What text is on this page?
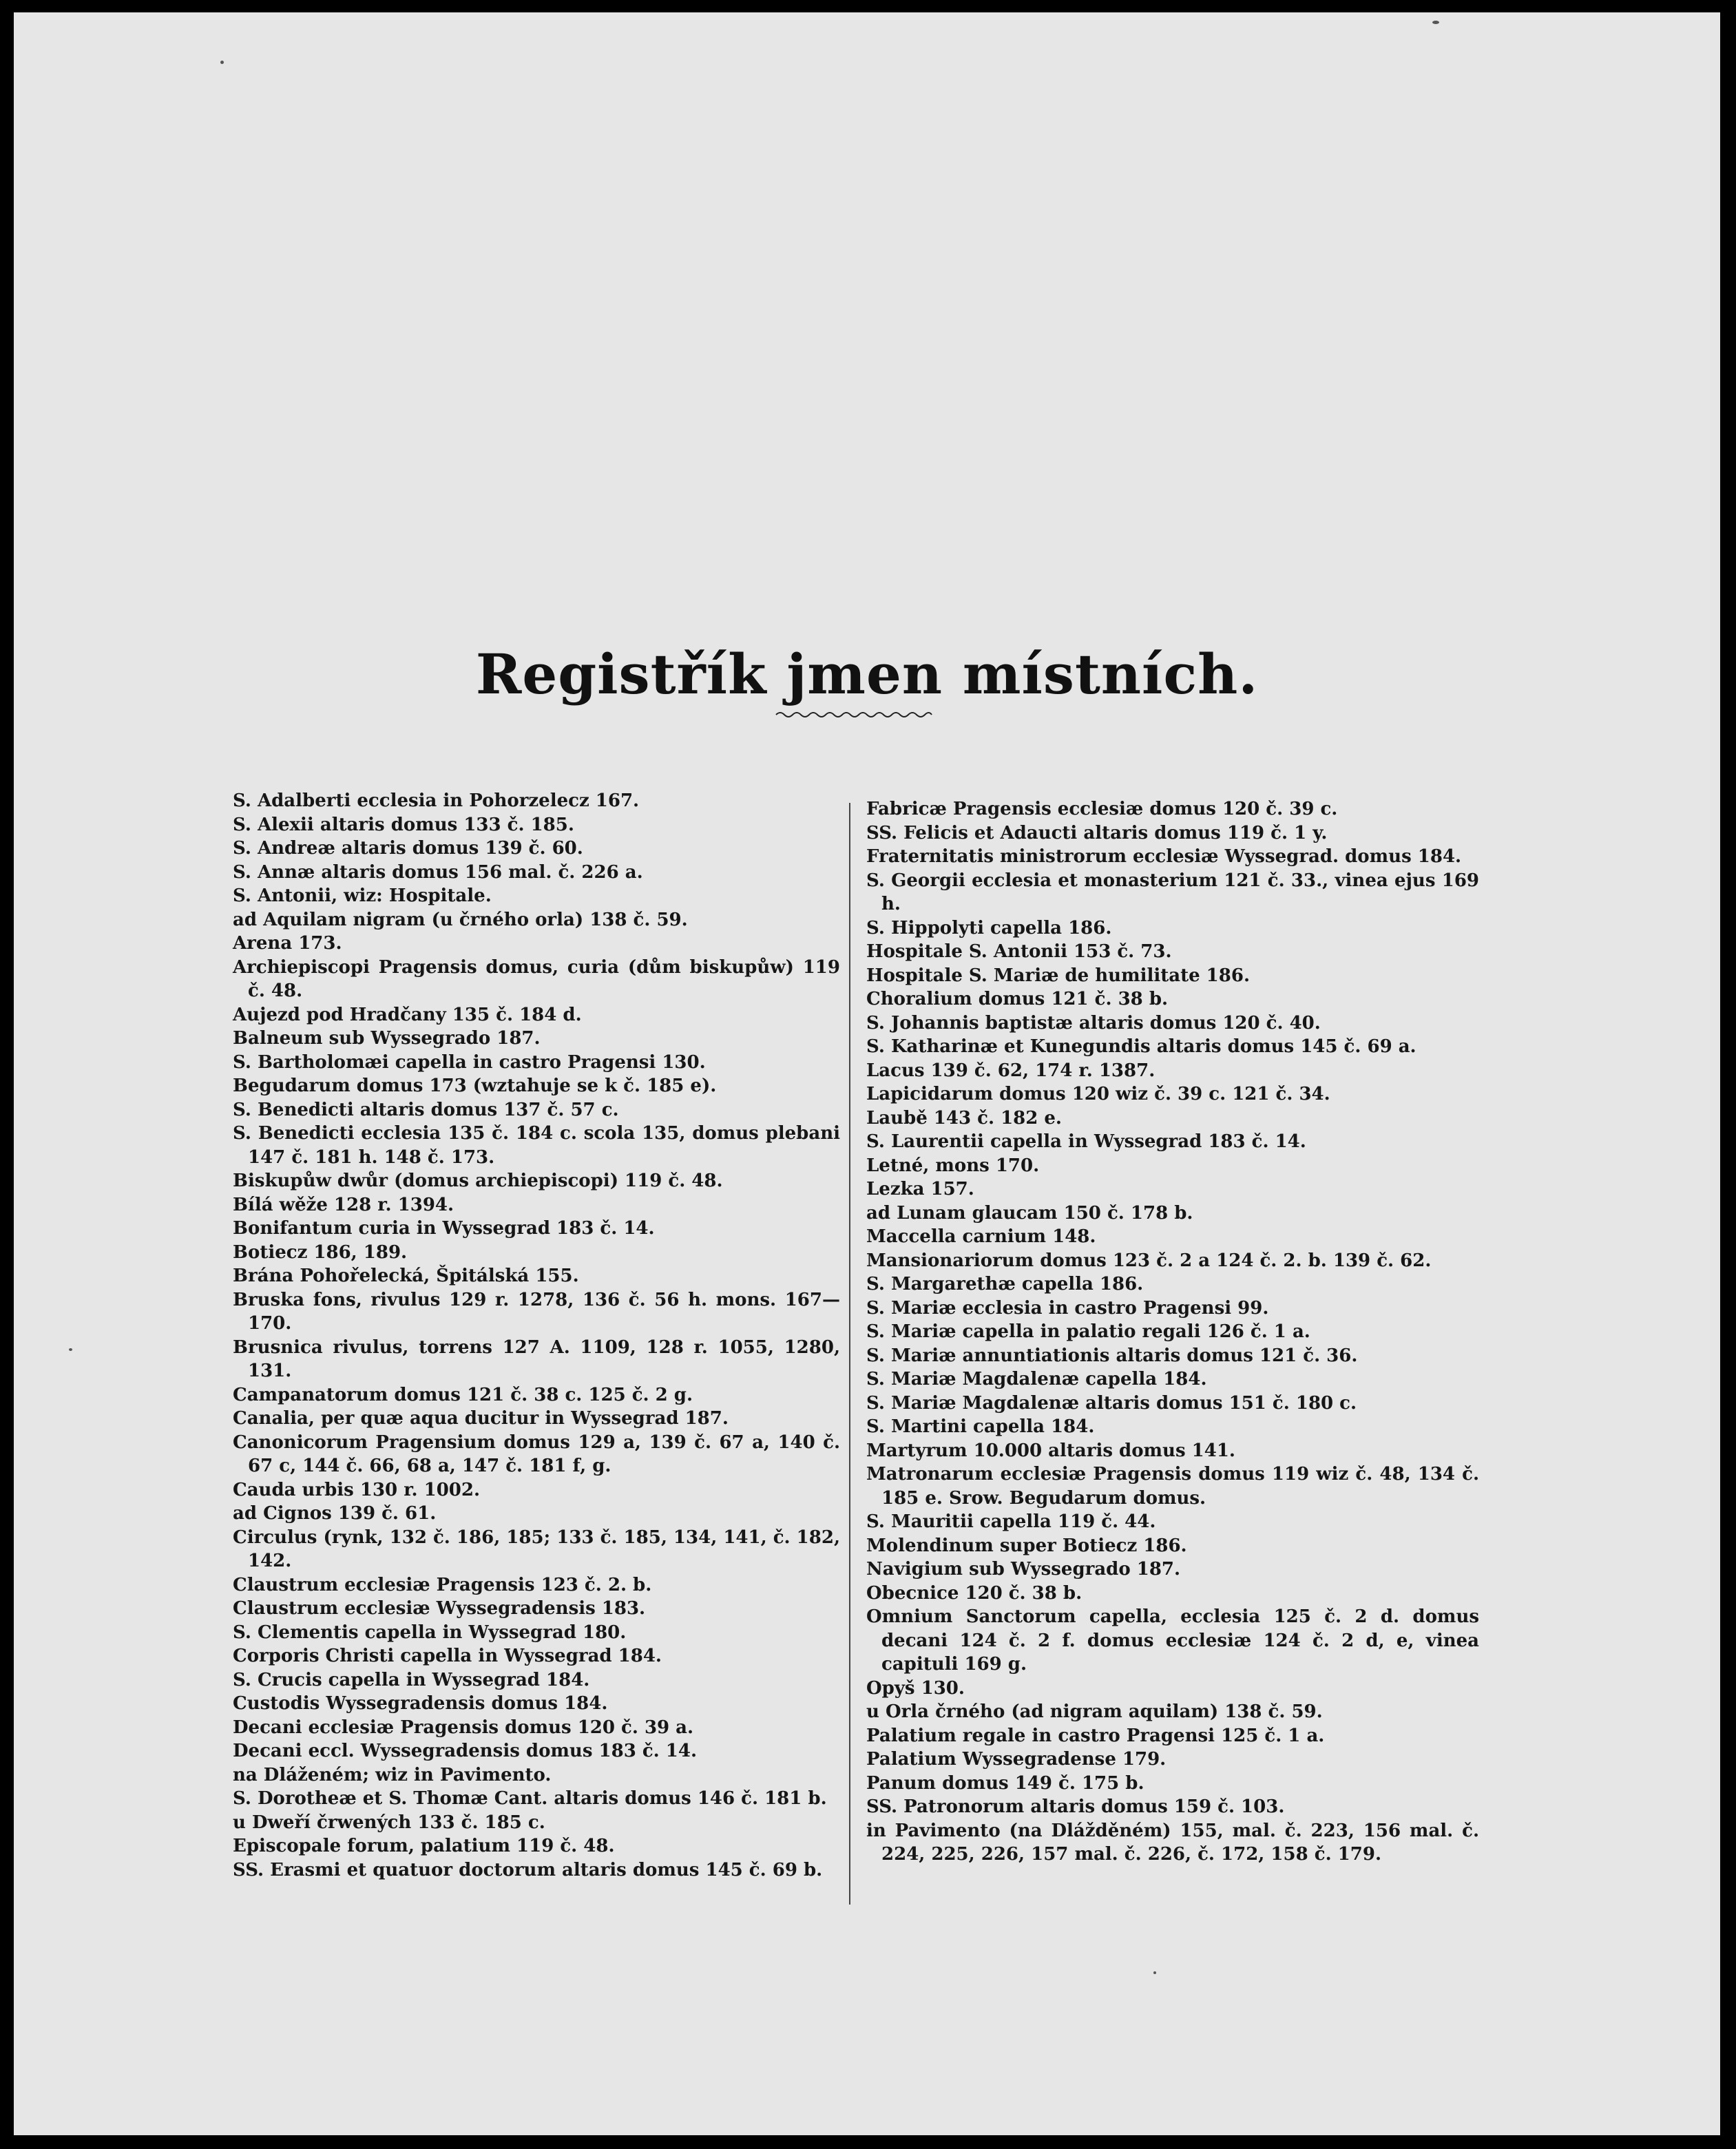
Registřík jmen místních.
S. Adalberti ecclesia in Pohorzelecz 167.
S. Alexii altaris domus 133 č. 185.
S. Andreæ altaris domus 139 č. 60.
S. Annæ altaris domus 156 mal. č. 226 a.
S. Antonii, wiz: Hospitale.
ad Aquilam nigram (u črného orla) 138 č. 59.
Arena 173.
Archiepiscopi Pragensis domus, curia (dům biskupůw) 119 č. 48.
Aujezd pod Hradčany 135 č. 184 d.
Balneum sub Wyssegrado 187.
S. Bartholomæi capella in castro Pragensi 130.
Begudarum domus 173 (wztahuje se k č. 185 e).
S. Benedicti altaris domus 137 č. 57 c.
S. Benedicti ecclesia 135 č. 184 c. scola 135, domus plebani 147 č. 181 h. 148 č. 173.
Biskupůw dwůr (domus archiepiscopi) 119 č. 48.
Bílá wěže 128 r. 1394.
Bonifantum curia in Wyssegrad 183 č. 14.
Botiecz 186, 189.
Brána Pohořelecká, Špitálská 155.
Bruska fons, rivulus 129 r. 1278, 136 č. 56 h. mons. 167—170.
Brusnica rivulus, torrens 127 A. 1109, 128 r. 1055, 1280, 131.
Campanatorum domus 121 č. 38 c. 125 č. 2 g.
Canalia, per quæ aqua ducitur in Wyssegrad 187.
Canonicorum Pragensium domus 129 a, 139 č. 67 a, 140 č. 67 c, 144 č. 66, 68 a, 147 č. 181 f, g.
Cauda urbis 130 r. 1002.
ad Cignos 139 č. 61.
Circulus (rynk, 132 č. 186, 185; 133 č. 185, 134, 141, č. 182, 142.
Claustrum ecclesiæ Pragensis 123 č. 2. b.
Claustrum ecclesiæ Wyssegradensis 183.
S. Clementis capella in Wyssegrad 180.
Corporis Christi capella in Wyssegrad 184.
S. Crucis capella in Wyssegrad 184.
Custodis Wyssegradensis domus 184.
Decani ecclesiæ Pragensis domus 120 č. 39 a.
Decani eccl. Wyssegradensis domus 183 č. 14.
na Dláženém; wiz in Pavimento.
S. Dorotheæ et S. Thomæ Cant. altaris domus 146 č. 181 b.
u Dweří črwených 133 č. 185 c.
Episcopale forum, palatium 119 č. 48.
SS. Erasmi et quatuor doctorum altaris domus 145 č. 69 b.
Fabricæ Pragensis ecclesiæ domus 120 č. 39 c.
SS. Felicis et Adaucti altaris domus 119 č. 1 y.
Fraternitatis ministrorum ecclesiæ Wyssegrad. domus 184.
S. Georgii ecclesia et monasterium 121 č. 33., vinea ejus 169 h.
S. Hippolyti capella 186.
Hospitale S. Antonii 153 č. 73.
Hospitale S. Mariæ de humilitate 186.
Choralium domus 121 č. 38 b.
S. Johannis baptistæ altaris domus 120 č. 40.
S. Katharinæ et Kunegundis altaris domus 145 č. 69 a.
Lacus 139 č. 62, 174 r. 1387.
Lapicidarum domus 120 wiz č. 39 c. 121 č. 34.
Laubě 143 č. 182 e.
S. Laurentii capella in Wyssegrad 183 č. 14.
Letné, mons 170.
Lezka 157.
ad Lunam glaucam 150 č. 178 b.
Maccella carnium 148.
Mansionariorum domus 123 č. 2 a 124 č. 2. b. 139 č. 62.
S. Margarethæ capella 186.
S. Mariæ ecclesia in castro Pragensi 99.
S. Mariæ capella in palatio regali 126 č. 1 a.
S. Mariæ annuntiationis altaris domus 121 č. 36.
S. Mariæ Magdalenæ capella 184.
S. Mariæ Magdalenæ altaris domus 151 č. 180 c.
S. Martini capella 184.
Martyrum 10.000 altaris domus 141.
Matronarum ecclesiæ Pragensis domus 119 wiz č. 48, 134 č. 185 e. Srow. Begudarum domus.
S. Mauritii capella 119 č. 44.
Molendinum super Botiecz 186.
Navigium sub Wyssegrado 187.
Obecnice 120 č. 38 b.
Omnium Sanctorum capella, ecclesia 125 č. 2 d. domus decani 124 č. 2 f. domus ecclesiæ 124 č. 2 d, e, vinea capituli 169 g.
Opyš 130.
u Orla črného (ad nigram aquilam) 138 č. 59.
Palatium regale in castro Pragensi 125 č. 1 a.
Palatium Wyssegradense 179.
Panum domus 149 č. 175 b.
SS. Patronorum altaris domus 159 č. 103.
in Pavimento (na Dlážděném) 155, mal. č. 223, 156 mal. č. 224, 225, 226, 157 mal. č. 226, č. 172, 158 č. 179.
